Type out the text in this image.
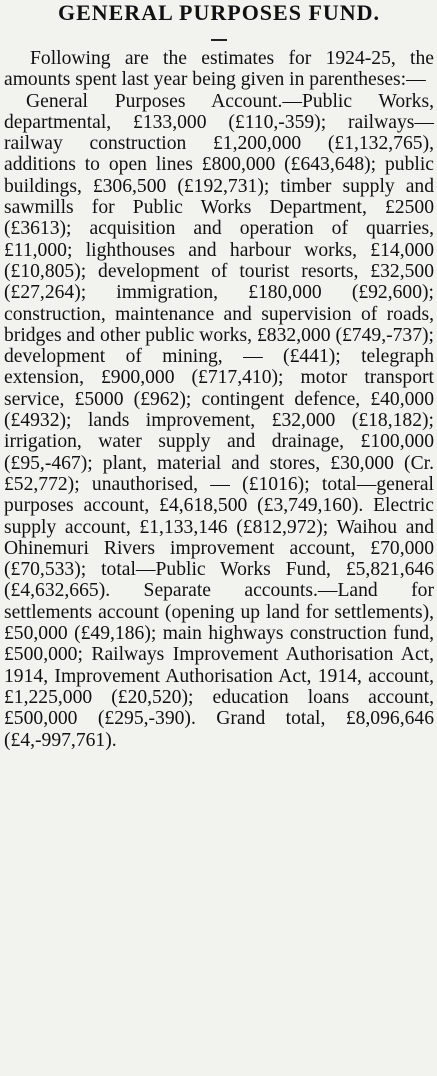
GENERAL PURPOSES FUND.

Following are the estimates for 1924-25, the amounts spent last year being given in parentheses:—

General Purposes Account.—Public Works, departmental, £133,000 (£110,-359); railways—railway construction £1,200,000 (£1,132,765), additions to open lines £800,000 (£643,648); public buildings, £306,500 (£192,731); timber supply and sawmills for Public Works Department, £2500 (£3613); acquisition and operation of quarries, £11,000; lighthouses and harbour works, £14,000 (£10,805); development of tourist resorts, £32,500 (£27,264); immigration, £180,000 (£92,600); construction, maintenance and supervision of roads, bridges and other public works, £832,000 (£749,-737); development of mining, — (£441); telegraph extension, £900,000 (£717,410); motor transport service, £5000 (£962); contingent defence, £40,000 (£4932); lands improvement, £32,000 (£18,182); irrigation, water supply and drainage, £100,000 (£95,-467); plant, material and stores, £30,000 (Cr. £52,772); unauthorised, — (£1016); total—general purposes account, £4,618,500 (£3,749,160). Electric supply account, £1,133,146 (£812,972); Waihou and Ohinemuri Rivers improvement account, £70,000 (£70,533); total—Public Works Fund, £5,821,646 (£4,632,665). Separate accounts.—Land for settlements account (opening up land for settlements), £50,000 (£49,186); main highways construction fund, £500,000; Railways Improvement Authorisation Act, 1914, Improvement Authorisation Act, 1914, account, £1,225,000 (£20,520); education loans account, £500,000 (£295,-390). Grand total, £8,096,646 (£4,-997,761).
